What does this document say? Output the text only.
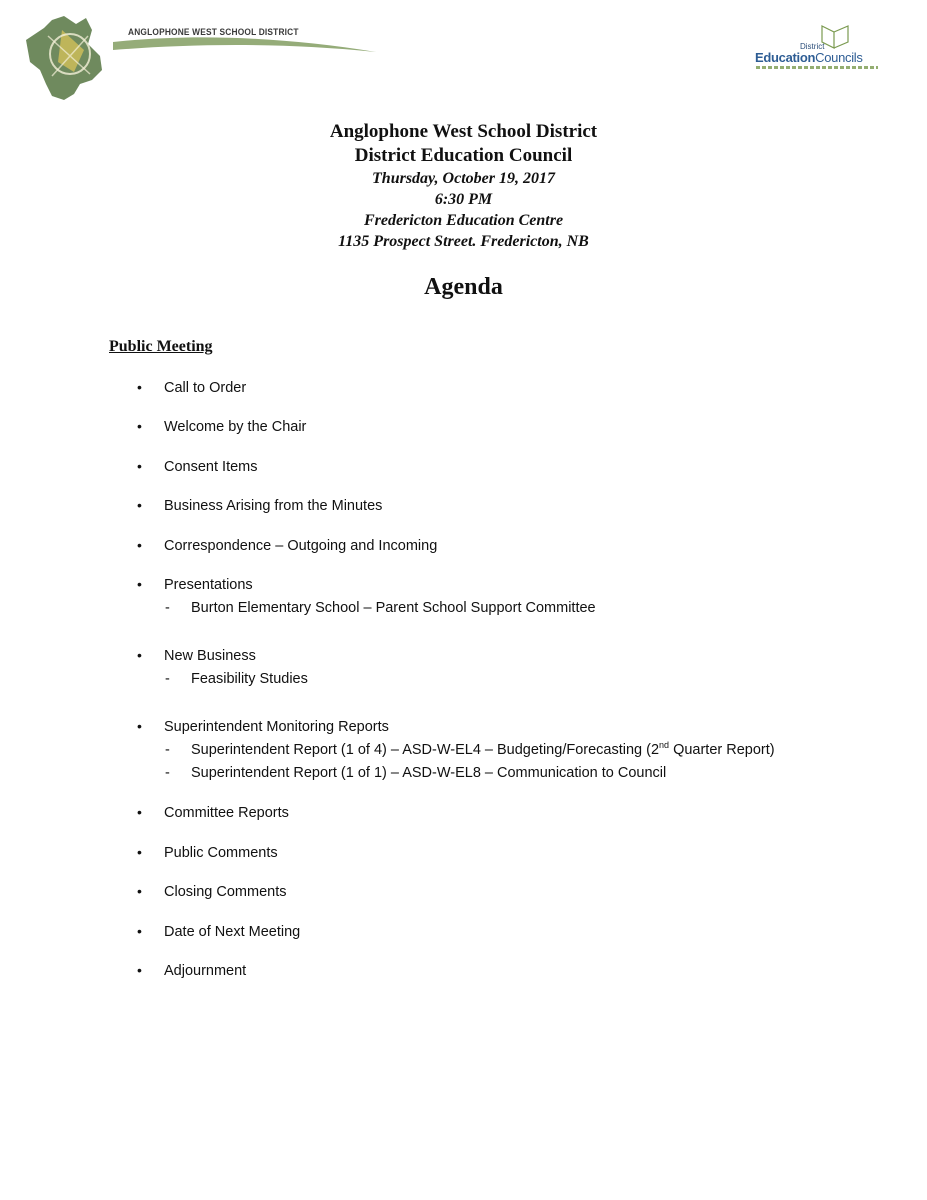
ANGLOPHONE WEST SCHOOL DISTRICT
District
EducationCouncils

Anglophone West School District

District Education Council

Thursday, October 19, 2017

6:30 PM

Fredericton Education Centre

1135 Prospect Street. Fredericton, NB

Agenda
Public Meeting
• Call to Order
• Welcome by the Chair
• Consent Items
• Business Arising from the Minutes
• Correspondence – Outgoing and Incoming
• Presentations
- Burton Elementary School – Parent School Support Committee
• New Business
- Feasibility Studies
• Superintendent Monitoring Reports
- Superintendent Report (1 of 4) – ASD-W-EL4 – Budgeting/Forecasting (2nd Quarter Report)
- Superintendent Report (1 of 1) – ASD-W-EL8 – Communication to Council
• Committee Reports
• Public Comments
• Closing Comments
• Date of Next Meeting
• Adjournment
